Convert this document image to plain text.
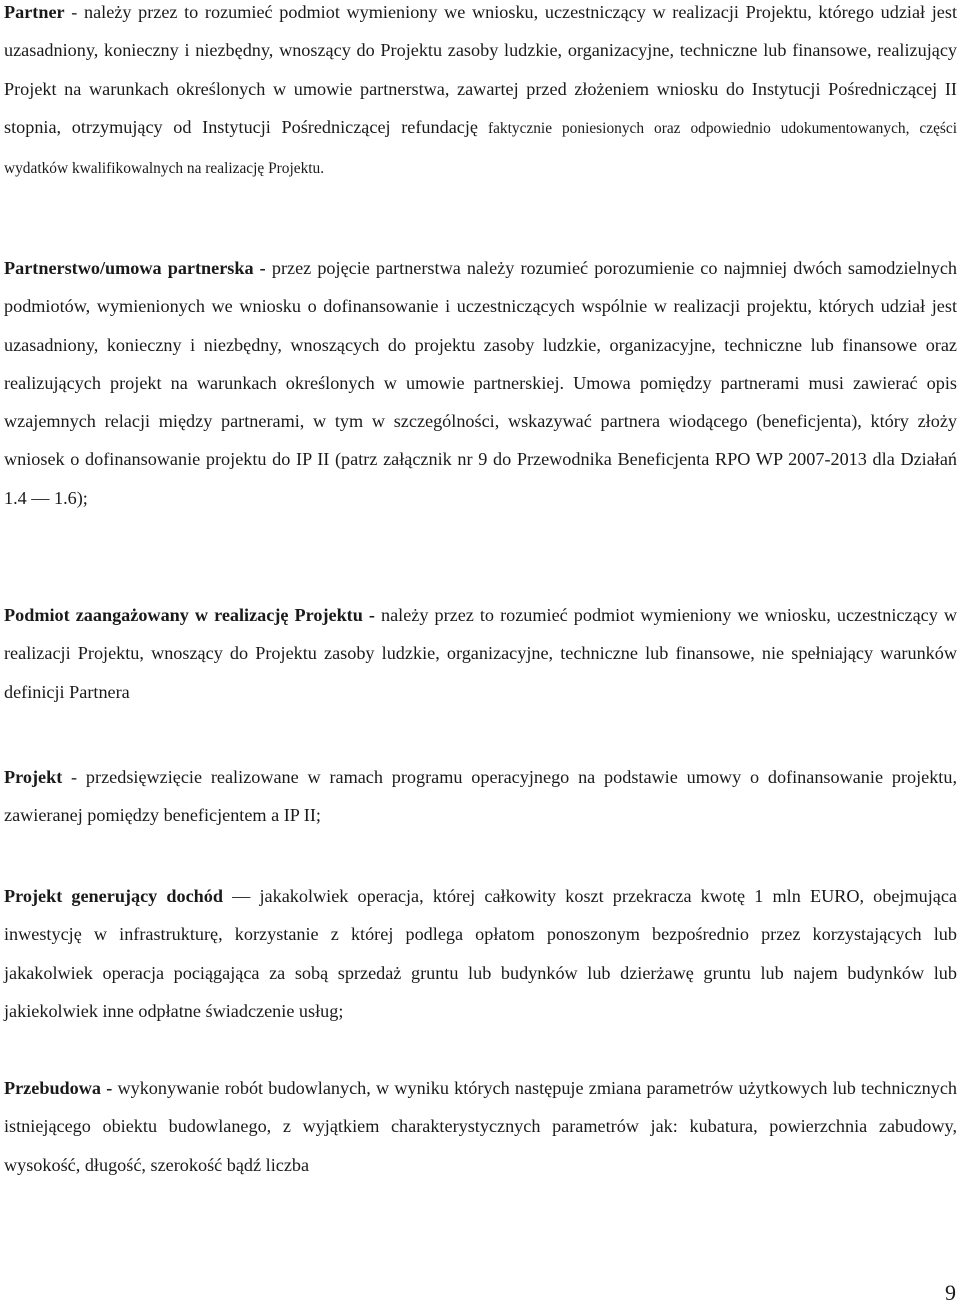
Partner - należy przez to rozumieć podmiot wymieniony we wniosku, uczestniczący w realizacji Projektu, którego udział jest uzasadniony, konieczny i niezbędny, wnoszący do Projektu zasoby ludzkie, organizacyjne, techniczne lub finansowe, realizujący Projekt na warunkach określonych w umowie partnerstwa, zawartej przed złożeniem wniosku do Instytucji Pośredniczącej II stopnia, otrzymujący od Instytucji Pośredniczącej refundację faktycznie poniesionych oraz odpowiednio udokumentowanych, części wydatków kwalifikowalnych na realizację Projektu.

Partnerstwo/umowa partnerska - przez pojęcie partnerstwa należy rozumieć porozumienie co najmniej dwóch samodzielnych podmiotów, wymienionych we wniosku o dofinansowanie i uczestniczących wspólnie w realizacji projektu, których udział jest uzasadniony, konieczny i niezbędny, wnoszących do projektu zasoby ludzkie, organizacyjne, techniczne lub finansowe oraz realizujących projekt na warunkach określonych w umowie partnerskiej. Umowa pomiędzy partnerami musi zawierać opis wzajemnych relacji między partnerami, w tym w szczególności, wskazywać partnera wiodącego (beneficjenta), który złoży wniosek o dofinansowanie projektu do IP II (patrz załącznik nr 9 do Przewodnika Beneficjenta RPO WP 2007-2013 dla Działań 1.4 — 1.6);

Podmiot zaangażowany w realizację Projektu - należy przez to rozumieć podmiot wymieniony we wniosku, uczestniczący w realizacji Projektu, wnoszący do Projektu zasoby ludzkie, organizacyjne, techniczne lub finansowe, nie spełniający warunków definicji Partnera

Projekt - przedsięwzięcie realizowane w ramach programu operacyjnego na podstawie umowy o dofinansowanie projektu, zawieranej pomiędzy beneficjentem a IP II;

Projekt generujący dochód — jakakolwiek operacja, której całkowity koszt przekracza kwotę 1 mln EURO, obejmująca inwestycję w infrastrukturę, korzystanie z której podlega opłatom ponoszonym bezpośrednio przez korzystających lub jakakolwiek operacja pociągająca za sobą sprzedaż gruntu lub budynków lub dzierżawę gruntu lub najem budynków lub jakiekolwiek inne odpłatne świadczenie usług;

Przebudowa - wykonywanie robót budowlanych, w wyniku których następuje zmiana parametrów użytkowych lub technicznych istniejącego obiektu budowlanego, z wyjątkiem charakterystycznych parametrów jak: kubatura, powierzchnia zabudowy, wysokość, długość, szerokość bądź liczba

9
